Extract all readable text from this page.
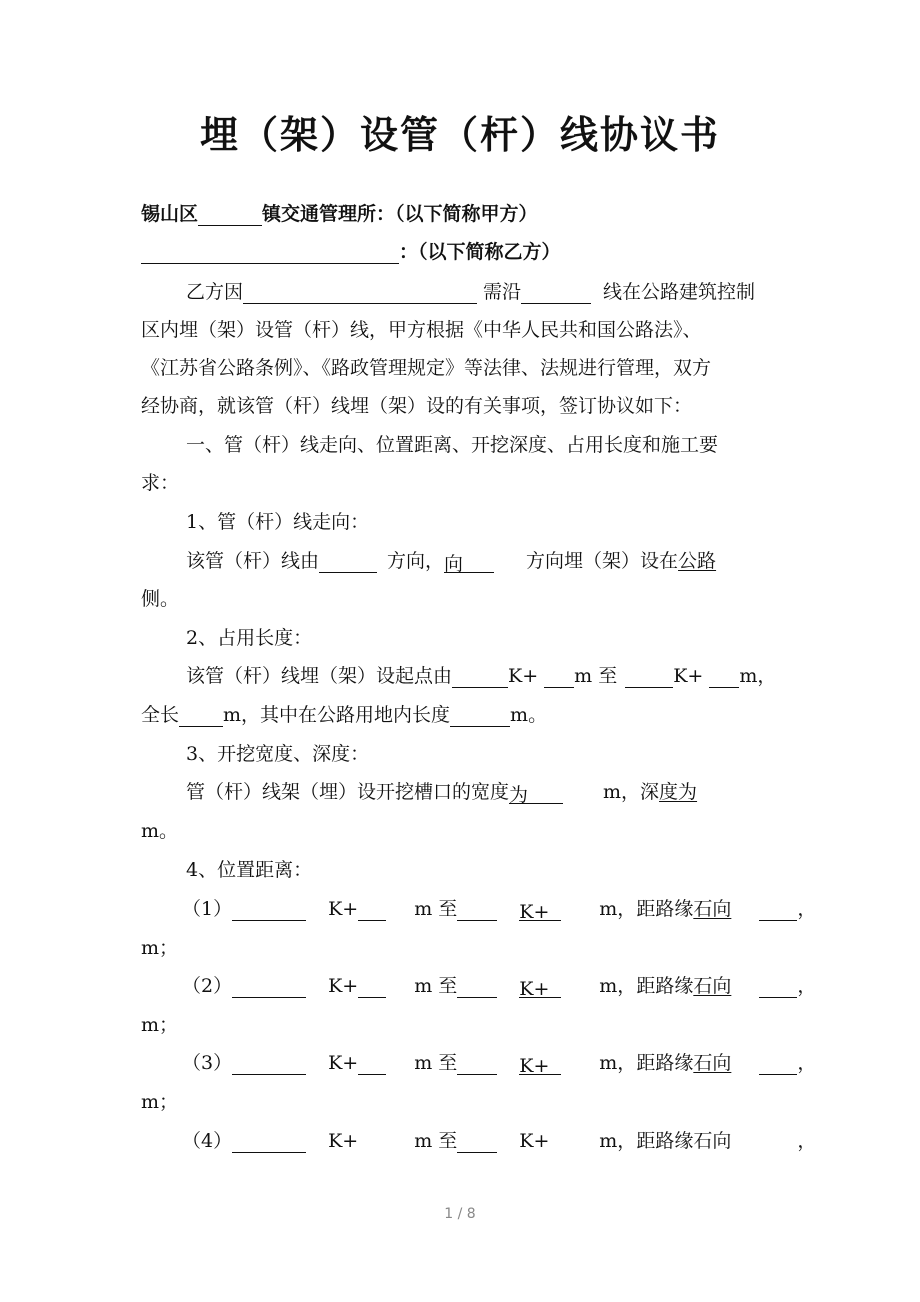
埋（架）设管（杆）线协议书
锡山区	镇交通管理所：（以下简称甲方）
：（以下简称乙方）
乙方因	需沿	线在公路建筑控制
区内埋（架）设管（杆）线，甲方根据《中华人民共和国公路法》、
《江苏省公路条例》、《路政管理规定》等法律、法规进行管理，双方
经协商，就该管（杆）线埋（架）设的有关事项，签订协议如下：
一、管（杆）线走向、位置距离、开挖深度、占用长度和施工要
求：
1、管（杆）线走向：
该管（杆）线由	方向，向	方向埋（架）设在公路
侧。
2、占用长度：
该管（杆）线埋（架）设起点由	K+ m 至	K+ m，
全长 m，其中在公路用地内长度	m。
3、开挖宽度、深度：
管（杆）线架（埋）设开挖槽口的宽度为	m，深度为
m。
4、位置距离：
（1）	K+	m 至	K+	m，距路缘石向	，
m；
（2）	K+	m 至	K+	m，距路缘石向	，
m；
（3）	K+	m 至	K+	m，距路缘石向	，
m；
（4）	K+	m 至	K+	m，距路缘石向	，
1 / 8
